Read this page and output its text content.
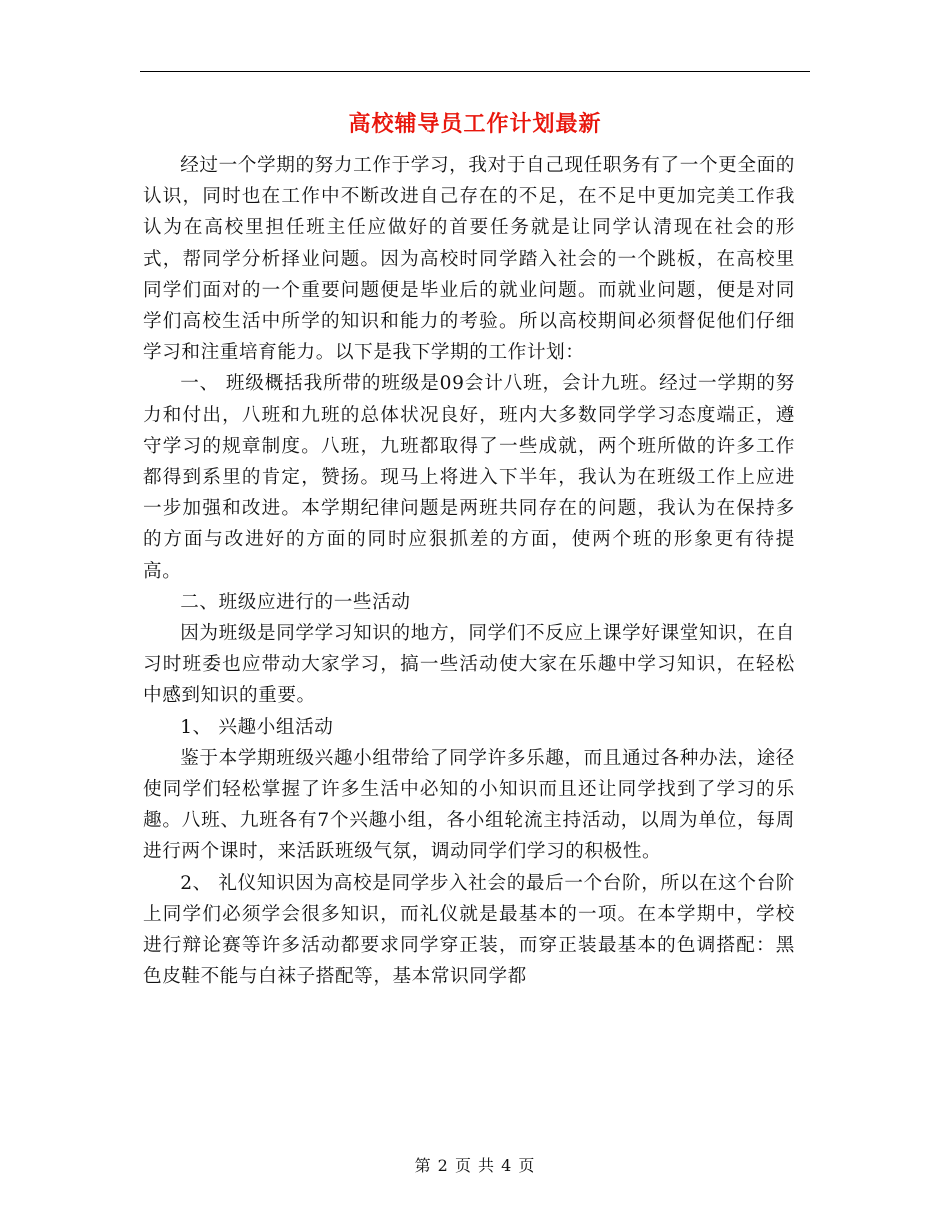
高校辅导员工作计划最新

经过一个学期的努力工作于学习，我对于自己现任职务有了一个更全面的认识，同时也在工作中不断改进自己存在的不足，在不足中更加完美工作我认为在高校里担任班主任应做好的首要任务就是让同学认清现在社会的形式，帮同学分析择业问题。因为高校时同学踏入社会的一个跳板，在高校里同学们面对的一个重要问题便是毕业后的就业问题。而就业问题，便是对同学们高校生活中所学的知识和能力的考验。所以高校期间必须督促他们仔细学习和注重培育能力。以下是我下学期的工作计划：

一、 班级概括我所带的班级是09会计八班，会计九班。经过一学期的努力和付出，八班和九班的总体状况良好，班内大多数同学学习态度端正，遵守学习的规章制度。八班，九班都取得了一些成就，两个班所做的许多工作都得到系里的肯定，赞扬。现马上将进入下半年，我认为在班级工作上应进一步加强和改进。本学期纪律问题是两班共同存在的问题，我认为在保持多的方面与改进好的方面的同时应狠抓差的方面，使两个班的形象更有待提高。

二、班级应进行的一些活动

因为班级是同学学习知识的地方，同学们不反应上课学好课堂知识，在自习时班委也应带动大家学习，搞一些活动使大家在乐趣中学习知识，在轻松中感到知识的重要。

1、 兴趣小组活动

鉴于本学期班级兴趣小组带给了同学许多乐趣，而且通过各种办法，途径使同学们轻松掌握了许多生活中必知的小知识而且还让同学找到了学习的乐趣。八班、九班各有7个兴趣小组，各小组轮流主持活动，以周为单位，每周进行两个课时，来活跃班级气氛，调动同学们学习的积极性。

2、 礼仪知识因为高校是同学步入社会的最后一个台阶，所以在这个台阶上同学们必须学会很多知识，而礼仪就是最基本的一项。在本学期中，学校进行辩论赛等许多活动都要求同学穿正装，而穿正装最基本的色调搭配：黑色皮鞋不能与白袜子搭配等，基本常识同学都

第 2 页 共 4 页
